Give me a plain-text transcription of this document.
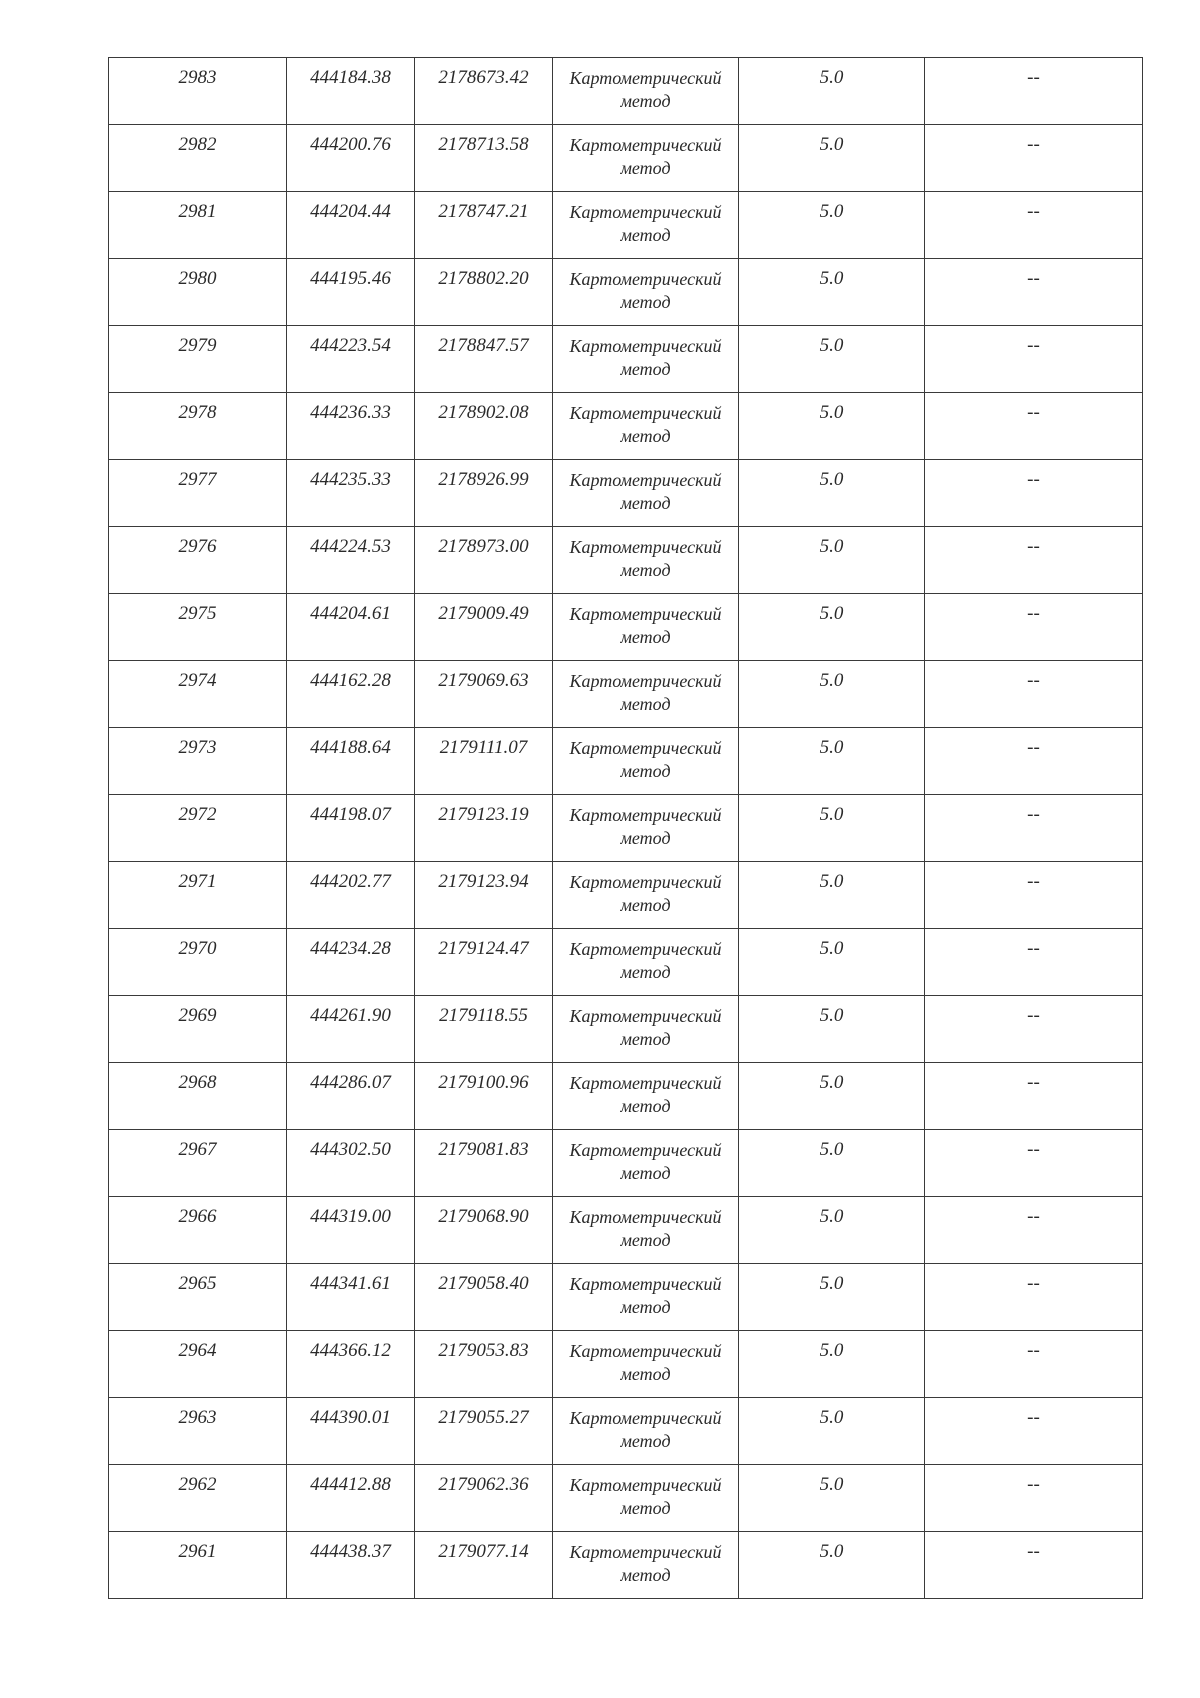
2983	444184.38	2178673.42	Картометрический метод	5.0	--

2982	444200.76	2178713.58	Картометрический метод	5.0	--

2981	444204.44	2178747.21	Картометрический метод	5.0	--

2980	444195.46	2178802.20	Картометрический метод	5.0	--

2979	444223.54	2178847.57	Картометрический метод	5.0	--

2978	444236.33	2178902.08	Картометрический метод	5.0	--

2977	444235.33	2178926.99	Картометрический метод	5.0	--

2976	444224.53	2178973.00	Картометрический метод	5.0	--

2975	444204.61	2179009.49	Картометрический метод	5.0	--

2974	444162.28	2179069.63	Картометрический метод	5.0	--

2973	444188.64	2179111.07	Картометрический метод	5.0	--

2972	444198.07	2179123.19	Картометрический метод	5.0	--

2971	444202.77	2179123.94	Картометрический метод	5.0	--

2970	444234.28	2179124.47	Картометрический метод	5.0	--

2969	444261.90	2179118.55	Картометрический метод	5.0	--

2968	444286.07	2179100.96	Картометрический метод	5.0	--

2967	444302.50	2179081.83	Картометрический метод	5.0	--

2966	444319.00	2179068.90	Картометрический метод	5.0	--

2965	444341.61	2179058.40	Картометрический метод	5.0	--

2964	444366.12	2179053.83	Картометрический метод	5.0	--

2963	444390.01	2179055.27	Картометрический метод	5.0	--

2962	444412.88	2179062.36	Картометрический метод	5.0	--

2961	444438.37	2179077.14	Картометрический метод	5.0	--
